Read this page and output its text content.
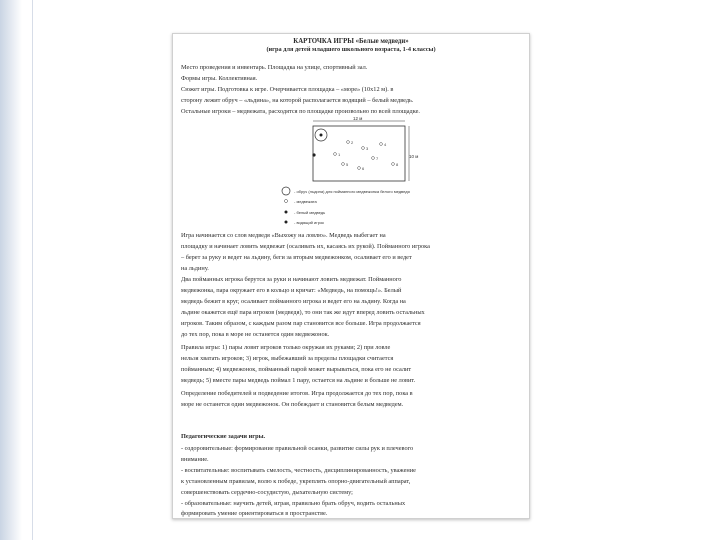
КАРТОЧКА ИГРЫ «Белые медведи»
(игра для детей младшего школьного возраста, 1-4 классы)
Место проведения и инвентарь. Площадка на улице, спортивный зал.
Формы игры. Коллективная.
Сюжет игры. Подготовка к игре. Очерчивается площадка – «море» (10х12 м). в
сторону лежит обруч – «льдина», на которой располагается водящий – белый медведь.
Остальные игроки – медвежата, расходятся по площадке произвольно по всей площадке.
12 м
10 м
1
2
3
4
5
6
7
8
- обруч (льдина) для пойманного медвежонка белого медведя
- медвежата
- белый медведь
- водящий игрок
Игра начинается со слов медведя «Выхожу на ловлю». Медведь выбегает на
площадку и начинает ловить медвежат (осаливать их, касаясь их рукой). Пойманного игрока
– берет за руку и ведет на льдину, беги за вторым медвежонком, осаливает его и ведет
на льдину.
Два пойманных игрока берутся за руки и начинают ловить медвежат. Пойманного
медвежонка, пара окружает его в кольцо и кричат: «Медведь, на помощь!». Белый
медведь бежит в круг, осаливает пойманного игрока и ведет его на льдину. Когда на
льдине окажется ещё пара игроков (медведя), то они так же идут вперед ловить остальных
игроков. Таким образом, с каждым разом пар становится все больше. Игра продолжается
до тех пор, пока в море не останется один медвежонок.
Правила игры: 1) пары ловят игроков только окружая их руками; 2) при ловле
нельзя хватать игроков; 3) игрок, выбежавший за пределы площадки считается
пойманным; 4) медвежонок, пойманный парой может вырываться, пока его не осалит
медведь; 5) вместе пары медведь поймал 1 пару, остается на льдине и больше не ловит.
Определение победителей и подведение итогов. Игра продолжается до тех пор, пока в
море не останется один медвежонок. Он побеждает и становится белым медведем.
Педагогические задачи игры.
- оздоровительные: формирование правильной осанки, развитие силы рук и плечевого
внимание.
- воспитательные: воспитывать смелость, честность, дисциплинированность, уважение
к установленным правилам, волю к победе, укреплять опорно-двигательный аппарат,
совершенствовать сердечно-сосудистую, дыхательную систему;
- образовательные: научить детей, играя, правильно брать обруч, водить остальных
формировать умение ориентироваться в пространстве.
